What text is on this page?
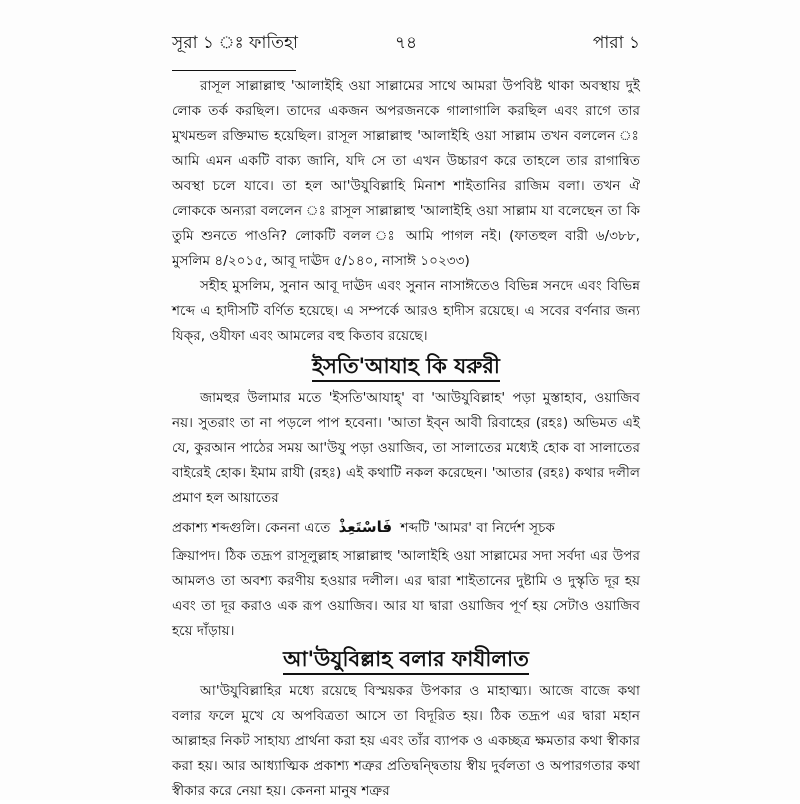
সূরা ১ ঃ ফাতিহা	৭৪	পারা ১

রাসূল সাল্লাল্লাহু 'আলাইহি ওয়া সাল্লামের সাথে আমরা উপবিষ্ট থাকা অবস্থায় দুই লোক তর্ক করছিল। তাদের একজন অপরজনকে গালাগালি করছিল এবং রাগে তার মুখমন্ডল রক্তিমাভ হয়েছিল। রাসূল সাল্লাল্লাহু 'আলাইহি ওয়া সাল্লাম তখন বললেন ঃ আমি এমন একটি বাক্য জানি, যদি সে তা এখন উচ্চারণ করে তাহলে তার রাগান্বিত অবস্থা চলে যাবে। তা হল আ'উযুবিল্লাহি মিনাশ শাইতানির রাজিম বলা। তখন ঐ লোককে অন্যরা বললেন ঃ রাসূল সাল্লাল্লাহু 'আলাইহি ওয়া সাল্লাম যা বলেছেন তা কি তুমি শুনতে পাওনি? লোকটি বলল ঃ আমি পাগল নই। (ফাতহুল বারী ৬/৩৮৮, মুসলিম ৪/২০১৫, আবূ দাঊদ ৫/১৪০, নাসাঈ ১০২৩৩)

সহীহ মুসলিম, সুনান আবূ দাঊদ এবং সুনান নাসাঈতেও বিভিন্ন সনদে এবং বিভিন্ন শব্দে এ হাদীসটি বর্ণিত হয়েছে। এ সম্পর্কে আরও হাদীস রয়েছে। এ সবের বর্ণনার জন্য যিক্‌র, ওযীফা এবং আমলের বহু কিতাব রয়েছে।

ইসতি'আযাহ কি যরুরী

জামহুর উলামার মতে 'ইসতি'আযাহ্‌' বা 'আউযুবিল্লাহ' পড়া মুস্তাহাব, ওয়াজিব নয়। সুতরাং তা না পড়লে পাপ হবেনা। 'আতা ইব্‌ন আবী রিবাহের (রহঃ) অভিমত এই যে, কুরআন পাঠের সময় আ'উযু পড়া ওয়াজিব, তা সালাতের মধ্যেই হোক বা সালাতের বাইরেই হোক। ইমাম রাযী (রহঃ) এই কথাটি নকল করেছেন। 'আতার (রহঃ) কথার দলীল প্রমাণ হল আয়াতের

প্রকাশ্য শব্দগুলি। কেননা এতে فَاسْتَعِذْ শব্দটি 'আমর' বা নির্দেশ সূচক

ক্রিয়াপদ। ঠিক তদ্রূপ রাসূলুল্লাহ সাল্লাল্লাহু 'আলাইহি ওয়া সাল্লামের সদা সর্বদা এর উপর আমলও তা অবশ্য করণীয় হওয়ার দলীল। এর দ্বারা শাইতানের দুষ্টামি ও দুস্কৃতি দূর হয় এবং তা দূর করাও এক রূপ ওয়াজিব। আর যা দ্বারা ওয়াজিব পূর্ণ হয় সেটাও ওয়াজিব হয়ে দাঁড়ায়।

আ'উযুবিল্লাহ বলার ফাযীলাত

আ'উযুবিল্লাহির মধ্যে রয়েছে বিস্ময়কর উপকার ও মাহাত্ম্য। আজে বাজে কথা বলার ফলে মুখে যে অপবিত্রতা আসে তা বিদূরিত হয়। ঠিক তদ্রূপ এর দ্বারা মহান আল্লাহর নিকট সাহায্য প্রার্থনা করা হয় এবং তাঁর ব্যাপক ও একচ্ছত্র ক্ষমতার কথা স্বীকার করা হয়। আর আধ্যাত্মিক প্রকাশ্য শত্রুর প্রতিদ্বন্দ্বিতায় স্বীয় দুর্বলতা ও অপারগতার কথা স্বীকার করে নেয়া হয়। কেননা মানুষ শত্রুর
